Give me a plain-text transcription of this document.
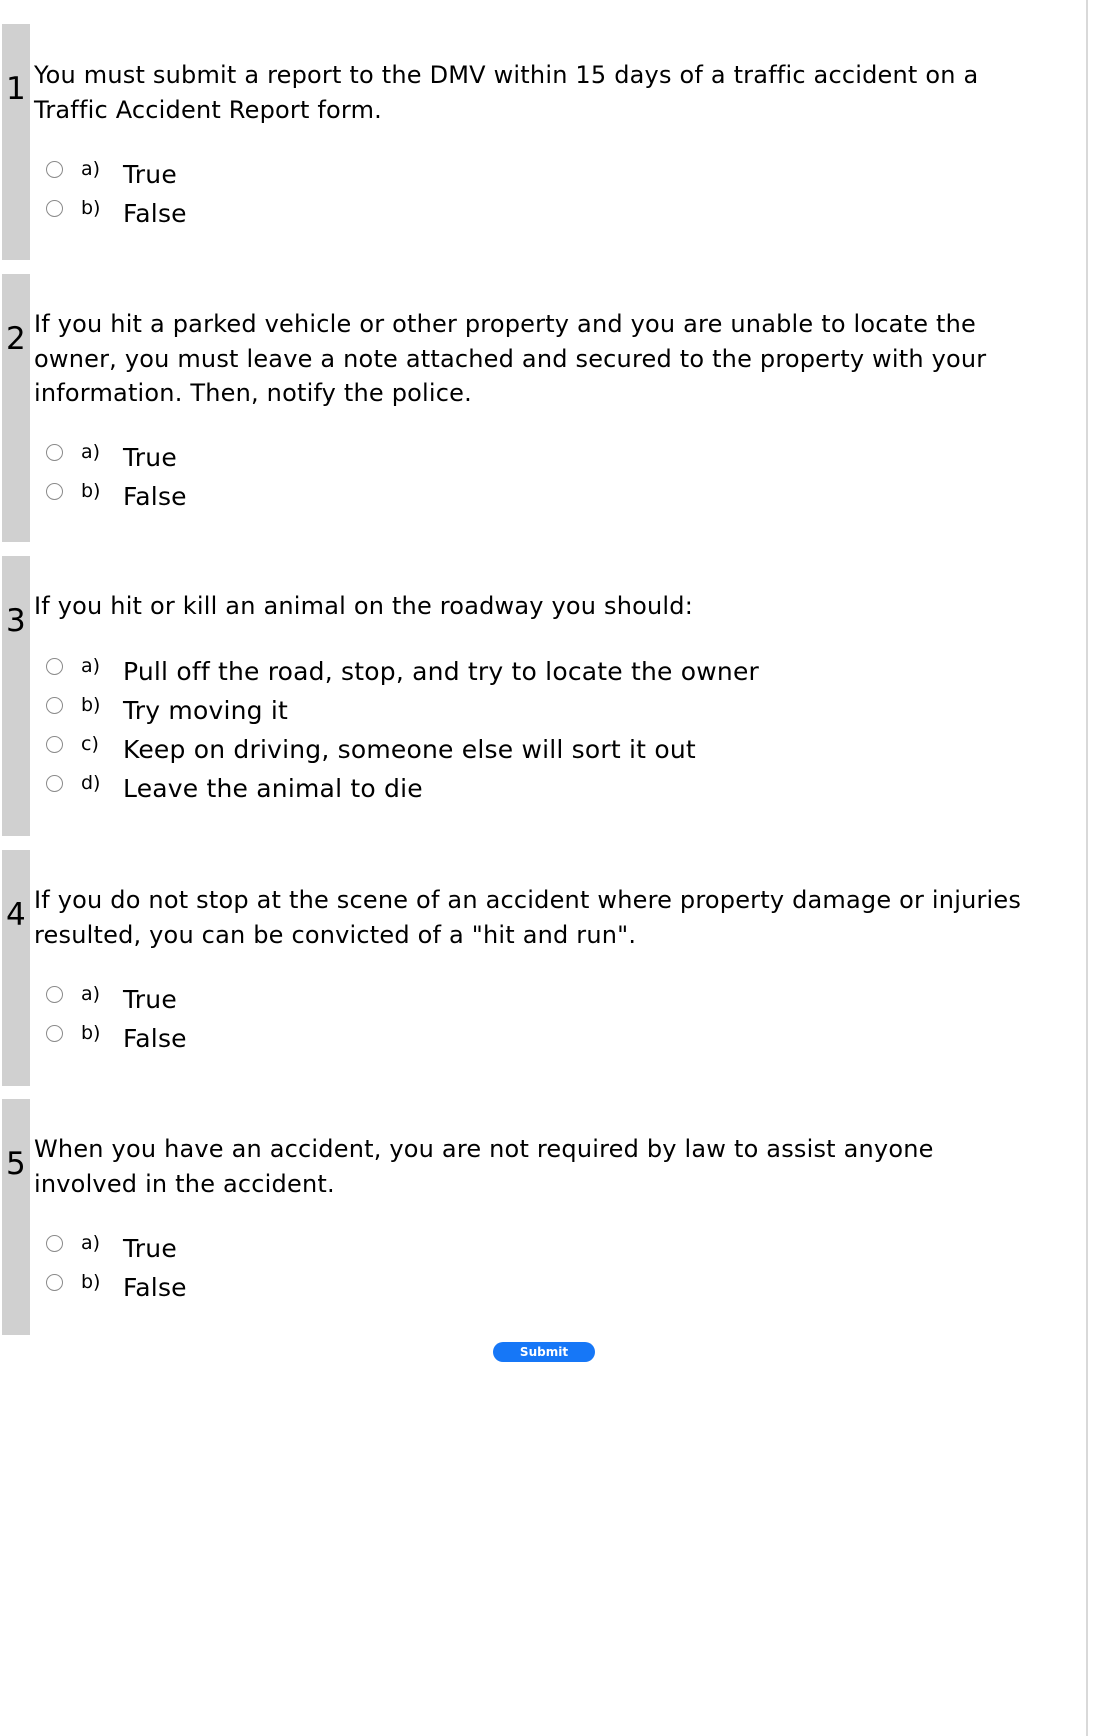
1 You must submit a report to the DMV within 15 days of a traffic accident on a Traffic Accident Report form.

a) True
b) False
2 If you hit a parked vehicle or other property and you are unable to locate the owner, you must leave a note attached and secured to the property with your information. Then, notify the police.

a) True
b) False
3 If you hit or kill an animal on the roadway you should:

a) Pull off the road, stop, and try to locate the owner
b) Try moving it
c) Keep on driving, someone else will sort it out
d) Leave the animal to die
4 If you do not stop at the scene of an accident where property damage or injuries resulted, you can be convicted of a "hit and run".

a) True
b) False
5 When you have an accident, you are not required by law to assist anyone involved in the accident.

a) True
b) False
Submit
